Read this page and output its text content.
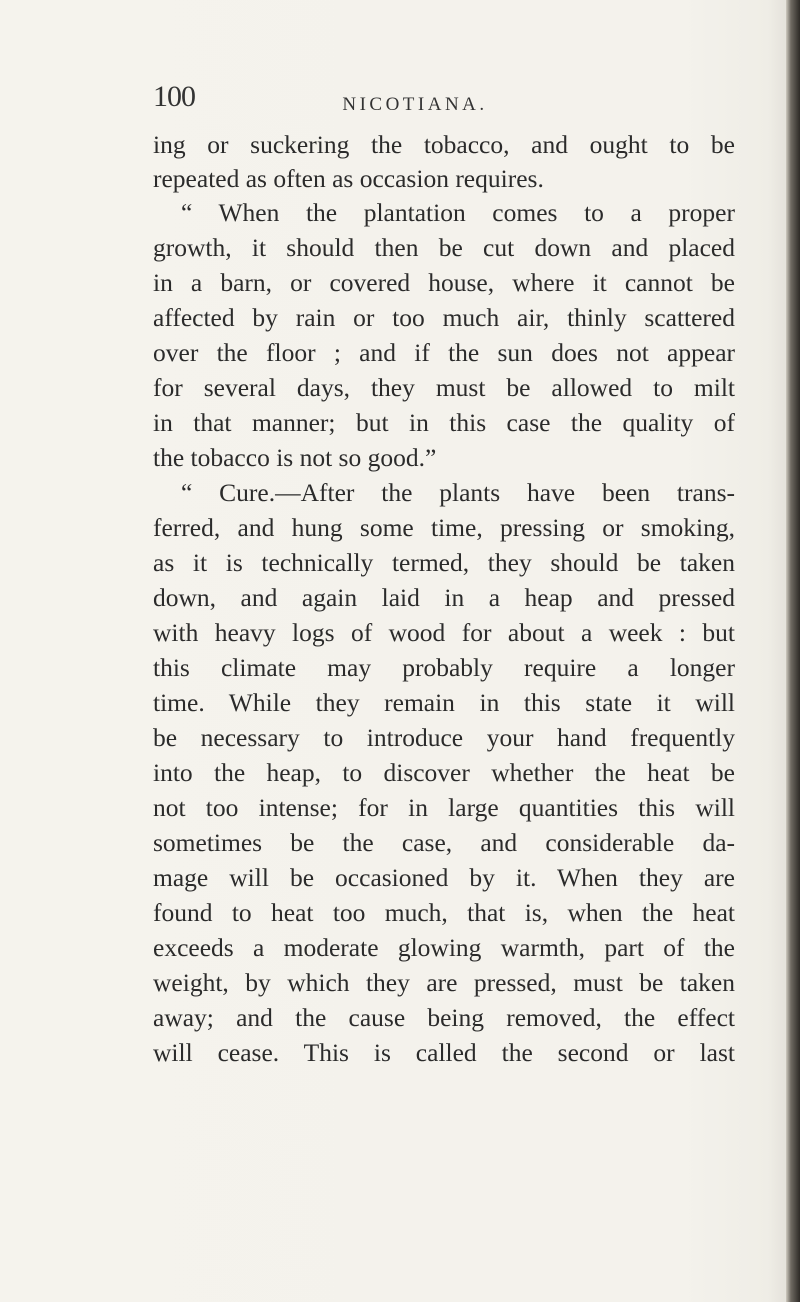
100	NICOTIANA.
ing or suckering the tobacco, and ought to be
repeated as often as occasion requires.
“ When the plantation comes to a proper
growth, it should then be cut down and placed
in a barn, or covered house, where it cannot be
affected by rain or too much air, thinly scattered
over the floor ; and if the sun does not appear
for several days, they must be allowed to milt
in that manner; but in this case the quality of
the tobacco is not so good.”
“ Cure.—After the plants have been trans-
ferred, and hung some time, pressing or smoking,
as it is technically termed, they should be taken
down, and again laid in a heap and pressed
with heavy logs of wood for about a week : but
this climate may probably require a longer
time. While they remain in this state it will
be necessary to introduce your hand frequently
into the heap, to discover whether the heat be
not too intense; for in large quantities this will
sometimes be the case, and considerable da-
mage will be occasioned by it. When they are
found to heat too much, that is, when the heat
exceeds a moderate glowing warmth, part of the
weight, by which they are pressed, must be taken
away; and the cause being removed, the effect
will cease. This is called the second or last
